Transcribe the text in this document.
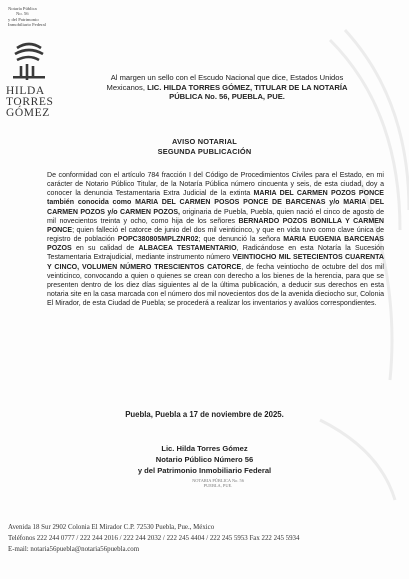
Notaría Pública
No. 56
y del Patrimonio
Inmobiliario Federal
HILDA
TORRES
GÓMEZ
Al margen un sello con el Escudo Nacional que dice, Estados Unidos
Mexicanos, LIC. HILDA TORRES GÓMEZ, TITULAR DE LA NOTARÍA
PÚBLICA No. 56, PUEBLA, PUE.
AVISO NOTARIAL
SEGUNDA PUBLICACIÓN
De conformidad con el artículo 784 fracción I del Código de Procedimientos Civiles para el Estado, en mi carácter de Notario Público Titular, de la Notaría Pública número cincuenta y seis, de esta ciudad, doy a conocer la denuncia Testamentaria Extra Judicial de la extinta MARIA DEL CARMEN POZOS PONCE también conocida como MARIA DEL CARMEN POSOS PONCE DE BARCENAS y/o MARIA DEL CARMEN POZOS y/o CARMEN POZOS, originaria de Puebla, Puebla, quien nació el cinco de agosto de mil novecientos treinta y ocho, como hija de los señores BERNARDO POZOS BONILLA Y CARMEN PONCE; quien falleció el catorce de junio del dos mil veinticinco, y que en vida tuvo como clave única de registro de población POPC380805MPLZNR02; que denunció la señora MARIA EUGENIA BARCENAS POZOS en su calidad de ALBACEA TESTAMENTARIO, Radicándose en esta Notaría la Sucesión Testamentaria Extrajudicial, mediante instrumento número VEINTIOCHO MIL SETECIENTOS CUARENTA Y CINCO, VOLUMEN NÚMERO TRESCIENTOS CATORCE, de fecha veintiocho de octubre del dos mil veinticinco, convocando a quien o quienes se crean con derecho a los bienes de la herencia, para que se presenten dentro de los diez días siguientes al de la última publicación, a deducir sus derechos en esta notaria site en la casa marcada con el número dos mil novecientos dos de la avenida dieciocho sur, Colonia El Mirador, de esta Ciudad de Puebla; se procederá a realizar los inventarios y avalúos correspondientes.
Puebla, Puebla a 17 de noviembre de 2025.
Lic. Hilda Torres Gómez
Notario Público Número 56
y del Patrimonio Inmobiliario Federal
NOTARIA PÚBLICA No. 56
PUEBLA, PUE.
Avenida 18 Sur 2902 Colonia El Mirador C.P. 72530 Puebla, Pue., México
Teléfonos 222 244 0777 / 222 244 2016 / 222 244 2032 / 222 245 4404 / 222 245 5953 Fax 222 245 5934
E-mail: notaria56puebla@notaria56puebla.com
